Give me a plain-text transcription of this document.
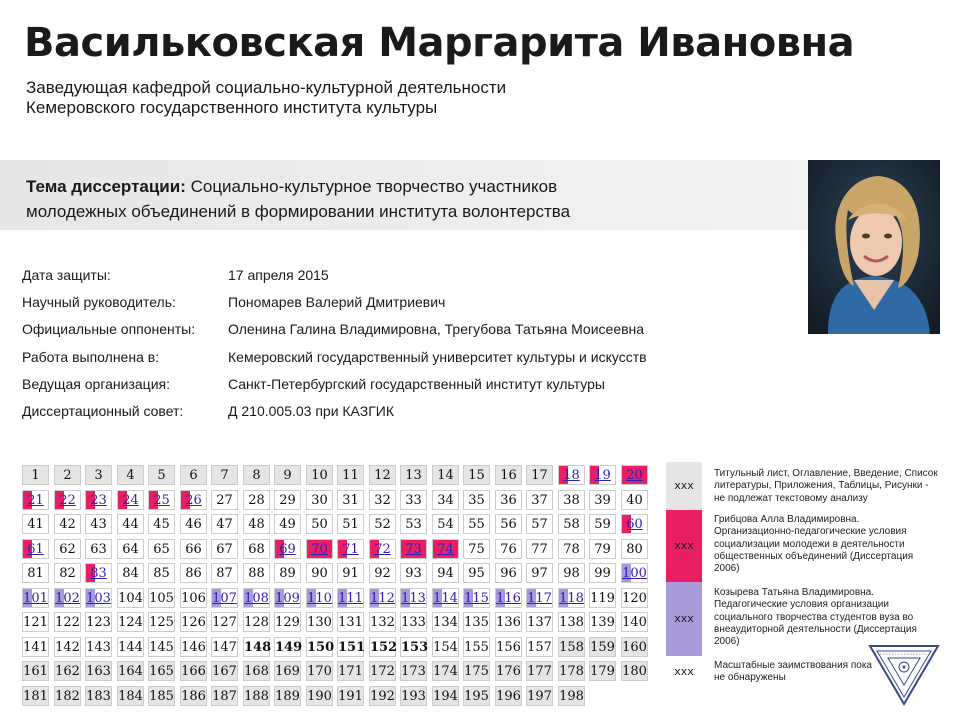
Васильковская Маргарита Ивановна
Заведующая кафедрой социально-культурной деятельности
Кемеровского государственного института культуры
Тема диссертации: Социально-культурное творчество участников
молодежных объединений в формировании института волонтерства
Дата защиты:	17 апреля 2015
Научный руководитель:	Пономарев Валерий Дмитриевич
Официальные оппоненты: Оленина Галина Владимировна, Трегубова Татьяна Моисеевна
Работа выполнена в:	Кемеровский государственный университет культуры и искусств
Ведущая организация:	Санкт-Петербургский государственный институт культуры
Диссертационный совет:	Д 210.005.03 при КАЗГИК
1	2	3	4	5	6	7	8	9	10	11	12	13	14	15	16	17	18	19	20
21	22	23	24	25	26	27	28	29	30	31	32	33	34	35	36	37	38	39	40
41	42	43	44	45	46	47	48	49	50	51	52	53	54	55	56	57	58	59	60
61	62	63	64	65	66	67	68	69	70	71	72	73	74	75	76	77	78	79	80
81	82	83	84	85	86	87	88	89	90	91	92	93	94	95	96	97	98	99 100
101 102 103 104 105 106 107 108 109 110 111 112 113 114 115 116 117 118 119 120
121 122 123 124 125 126 127 128 129 130 131 132 133 134 135 136 137 138 139 140
141 142 143 144 145 146 147 148 149 150 151 152 153 154 155 156 157 158 159 160
161 162 163 164 165 166 167 168 169 170 171 172 173 174 175 176 177 178 179 180
181 182 183 184 185 186 187 188 189 190 191 192 193 194 195 196 197 198
xxx
Титульный лист, Оглавление, Введение, Список литературы, Приложения, Таблицы, Рисунки - не подлежат текстовому анализу
xxx
Грибцова Алла Владимировна. Организационно-педагогические условия социализации молодежи в деятельности общественных объединений (Диссертация 2006)
xxx
Козырева Татьяна Владимировна. Педагогические условия организации социального творчества студентов вуза во внеаудиторной деятельности (Диссертация 2006)
xxx	Масштабные заимствования пока не обнаружены
